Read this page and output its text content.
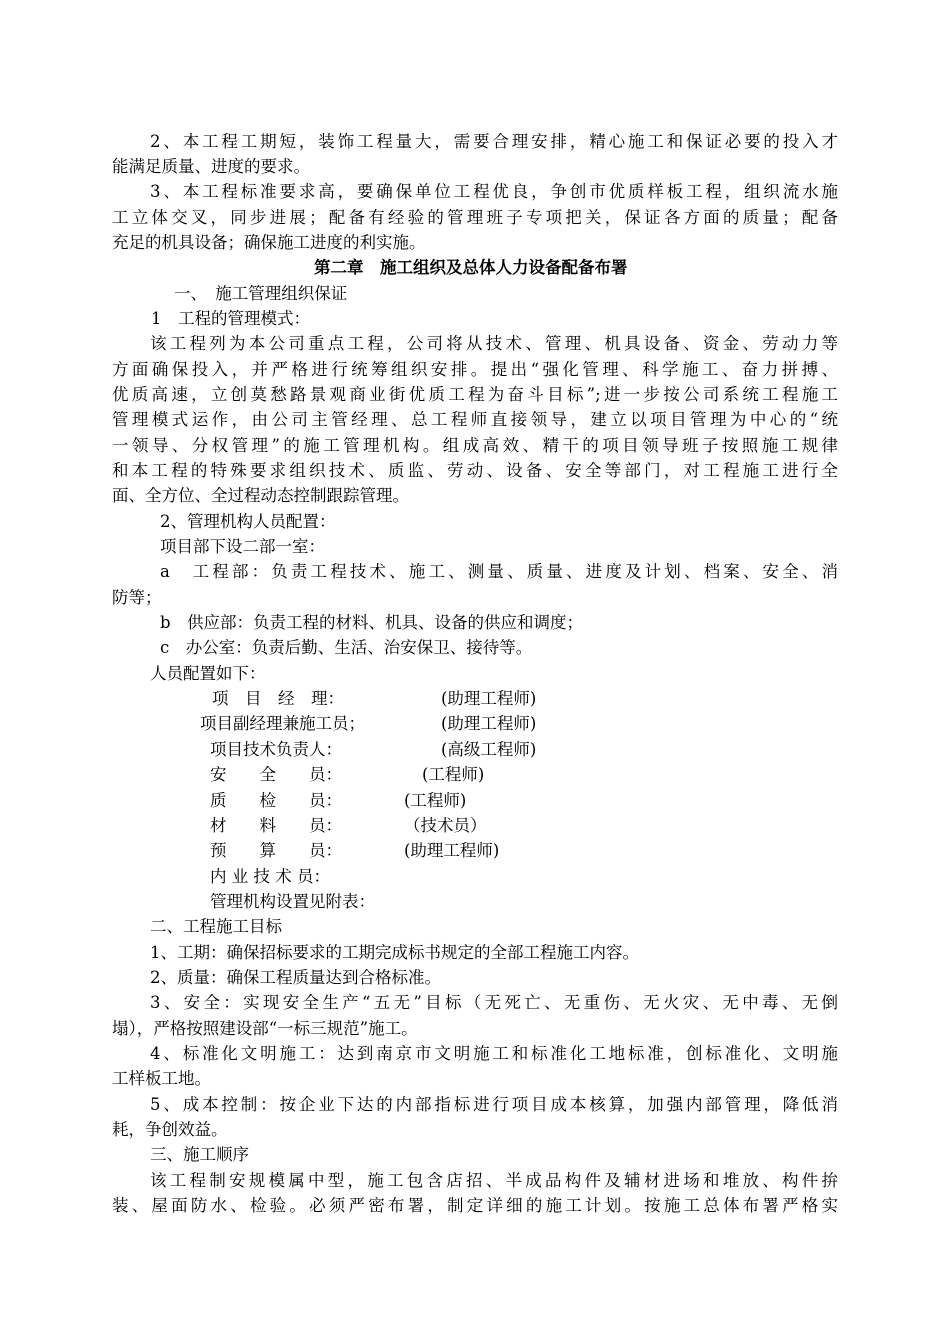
2、本工程工期短，装饰工程量大，需要合理安排，精心施工和保证必要的投入才
能满足质量、进度的要求。
3、本工程标准要求高，要确保单位工程优良，争创市优质样板工程，组织流水施
工立体交叉，同步进展；配备有经验的管理班子专项把关，保证各方面的质量；配备
充足的机具设备；确保施工进度的利实施。
第二章　施工组织及总体人力设备配备布署
一、　施工管理组织保证
1　工程的管理模式：
该工程列为本公司重点工程，公司将从技术、管理、机具设备、资金、劳动力等
方面确保投入，并严格进行统筹组织安排。提出“强化管理、科学施工、奋力拼搏、
优质高速，立创莫愁路景观商业街优质工程为奋斗目标”;进一步按公司系统工程施工
管理模式运作，由公司主管经理、总工程师直接领导，建立以项目管理为中心的“统
一领导、分权管理”的施工管理机构。组成高效、精干的项目领导班子按照施工规律
和本工程的特殊要求组织技术、质监、劳动、设备、安全等部门，对工程施工进行全
面、全方位、全过程动态控制跟踪管理。
2、管理机构人员配置：
项目部下设二部一室：
a　工程部：负责工程技术、施工、测量、质量、进度及计划、档案、安全、消
防等；
b　供应部：负责工程的材料、机具、设备的供应和调度；
c　办公室：负责后勤、生活、治安保卫、接待等。
人员配置如下：
项　目　经　理：	(助理工程师)
项目副经理兼施工员；	(助理工程师)
项目技术负责人：	(高级工程师)
安　　全　　员：	(工程师)
质　　检　　员：	(工程师)
材　　料　　员：	（技术员）
预　　算　　员：	(助理工程师)
内 业 技 术 员：
管理机构设置见附表：
二、工程施工目标
1、工期：确保招标要求的工期完成标书规定的全部工程施工内容。
2、质量：确保工程质量达到合格标准。
3、安全：实现安全生产“五无”目标（无死亡、无重伤、无火灾、无中毒、无倒
塌），严格按照建设部“一标三规范”施工。
4、标准化文明施工：达到南京市文明施工和标准化工地标准，创标准化、文明施
工样板工地。
5、成本控制：按企业下达的内部指标进行项目成本核算，加强内部管理，降低消
耗，争创效益。
三、施工顺序
该工程制安规模属中型，施工包含店招、半成品构件及辅材进场和堆放、构件拚
装、屋面防水、检验。必须严密布署，制定详细的施工计划。按施工总体布署严格实
